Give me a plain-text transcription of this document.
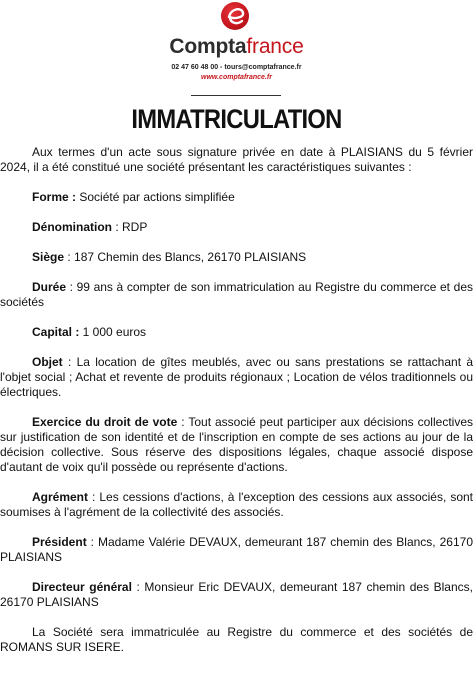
Comptafrance
02 47 60 48 00 - tours@comptafrance.fr
www.comptafrance.fr
IMMATRICULATION

Aux termes d'un acte sous signature privée en date à PLAISIANS du 5 février 2024, il a été constitué une société présentant les caractéristiques suivantes :

Forme : Société par actions simplifiée

Dénomination : RDP

Siège : 187 Chemin des Blancs, 26170 PLAISIANS

Durée : 99 ans à compter de son immatriculation au Registre du commerce et des sociétés

Capital : 1 000 euros

Objet : La location de gîtes meublés, avec ou sans prestations se rattachant à l'objet social ; Achat et revente de produits régionaux ; Location de vélos traditionnels ou électriques.

Exercice du droit de vote : Tout associé peut participer aux décisions collectives sur justification de son identité et de l'inscription en compte de ses actions au jour de la décision collective. Sous réserve des dispositions légales, chaque associé dispose d'autant de voix qu'il possède ou représente d'actions.

Agrément : Les cessions d'actions, à l'exception des cessions aux associés, sont soumises à l'agrément de la collectivité des associés.

Président : Madame Valérie DEVAUX, demeurant 187 chemin des Blancs, 26170 PLAISIANS

Directeur général : Monsieur Eric DEVAUX, demeurant 187 chemin des Blancs, 26170 PLAISIANS

La Société sera immatriculée au Registre du commerce et des sociétés de ROMANS SUR ISERE.
